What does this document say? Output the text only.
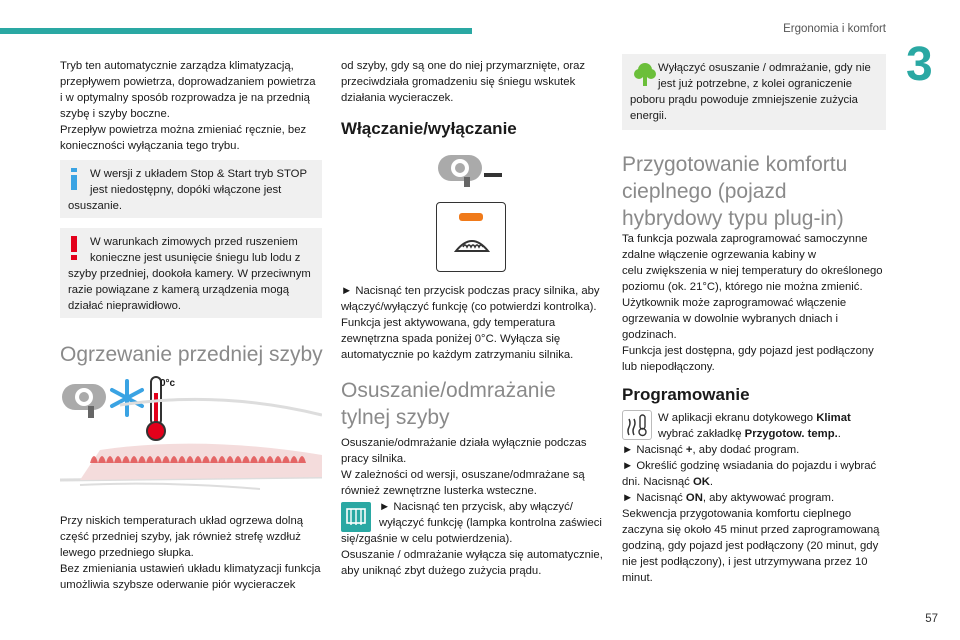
Ergonomia i komfort
3
Tryb ten automatycznie zarządza klimatyzacją,
przepływem powietrza, doprowadzaniem powietrza
i w optymalny sposób rozprowadza je na przednią
szybę i szyby boczne.
Przepływ powietrza można zmieniać ręcznie, bez
konieczności wyłączania tego trybu.
W wersji z układem Stop & Start tryb STOP
jest niedostępny, dopóki włączone jest
osuszanie.
W warunkach zimowych przed ruszeniem
konieczne jest usunięcie śniegu lub lodu z
szyby przedniej, dookoła kamery. W przeciwnym razie powiązane z kamerą urządzenia mogą działać nieprawidłowo.
Ogrzewanie przedniej szyby
0°c
Przy niskich temperaturach układ ogrzewa dolną
część przedniej szyby, jak również strefę wzdłuż
lewego przedniego słupka.
Bez zmieniania ustawień układu klimatyzacji funkcja
umożliwia szybsze oderwanie piór wycieraczek
od szyby, gdy są one do niej przymarznięte, oraz
przeciwdziała gromadzeniu się śniegu wskutek
działania wycieraczek.
Włączanie/wyłączanie
► Nacisnąć ten przycisk podczas pracy silnika, aby
włączyć/wyłączyć funkcję (co potwierdzi kontrolka).
Funkcja jest aktywowana, gdy temperatura
zewnętrzna spada poniżej 0°C. Wyłącza się
automatycznie po każdym zatrzymaniu silnika.
Osuszanie/odmrażanie
tylnej szyby
Osuszanie/odmrażanie działa wyłącznie podczas
pracy silnika.
W zależności od wersji, osuszane/odmrażane są
również zewnętrzne lusterka wsteczne.
► Nacisnąć ten przycisk, aby włączyć/
wyłączyć funkcję (lampka kontrolna zaświeci
się/zgaśnie w celu potwierdzenia).
Osuszanie / odmrażanie wyłącza się automatycznie,
aby uniknąć zbyt dużego zużycia prądu.
Wyłączyć osuszanie / odmrażanie, gdy nie
jest już potrzebne, z kolei ograniczenie
poboru prądu powoduje zmniejszenie zużycia energii.
Przygotowanie komfortu
cieplnego (pojazd
hybrydowy typu plug-in)
Ta funkcja pozwala zaprogramować samoczynne
zdalne włączenie ogrzewania kabiny w
celu zwiększenia w niej temperatury do określonego
poziomu (ok. 21°C), którego nie można zmienić.
Użytkownik może zaprogramować włączenie
ogrzewania w dowolnie wybranych dniach i
godzinach.
Funkcja jest dostępna, gdy pojazd jest podłączony
lub niepodłączony.
Programowanie
W aplikacji ekranu dotykowego Klimat
wybrać zakładkę Przygotow. temp..
► Nacisnąć +, aby dodać program.
► Określić godzinę wsiadania do pojazdu i wybrać
dni. Nacisnąć OK.
► Nacisnąć ON, aby aktywować program.
Sekwencja przygotowania komfortu cieplnego
zaczyna się około 45 minut przed zaprogramowaną
godziną, gdy pojazd jest podłączony (20 minut, gdy
nie jest podłączony), i jest utrzymywana przez 10
minut.
57
